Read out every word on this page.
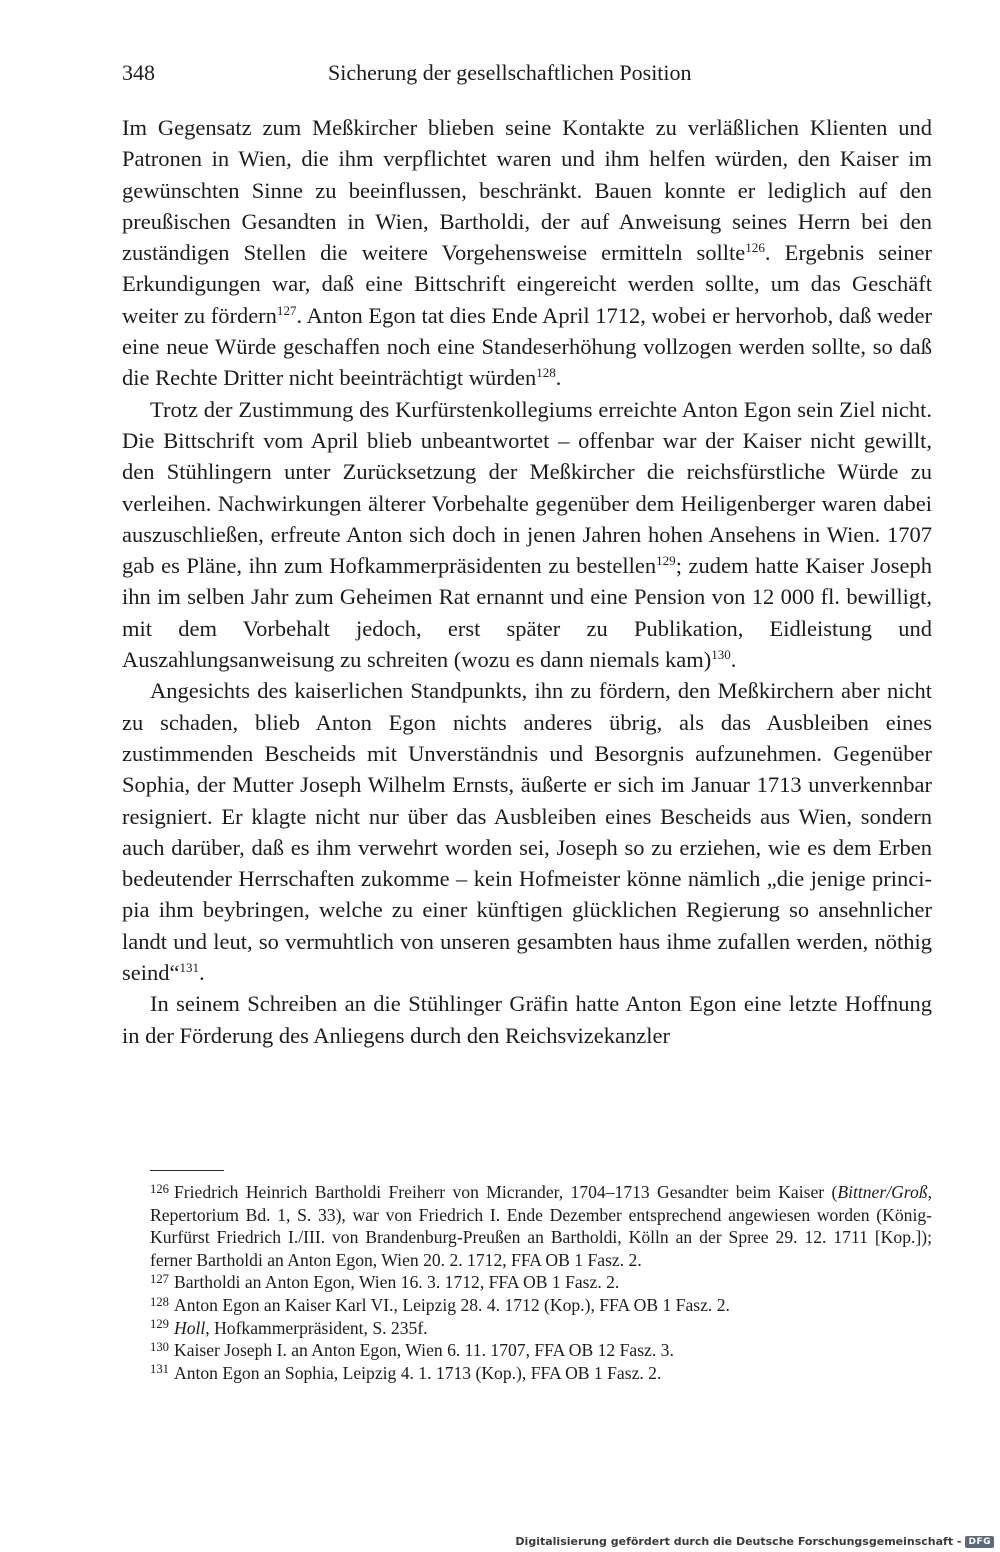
348	Sicherung der gesellschaftlichen Position

Im Gegensatz zum Meßkircher blieben seine Kontakte zu verläßlichen Klienten und Patronen in Wien, die ihm verpflichtet waren und ihm helfen würden, den Kaiser im gewünschten Sinne zu beeinflussen, beschränkt. Bauen konnte er lediglich auf den preußischen Gesandten in Wien, Bartholdi, der auf Anweisung seines Herrn bei den zuständigen Stellen die weitere Vorgehensweise ermitteln sollte$^{126}$. Ergebnis seiner Erkundigungen war, daß eine Bittschrift eingereicht werden sollte, um das Geschäft weiter zu fördern$^{127}$. Anton Egon tat dies Ende April 1712, wobei er hervorhob, daß weder eine neue Würde geschaffen noch eine Standeserhöhung vollzogen werden sollte, so daß die Rechte Dritter nicht beeinträchtigt würden$^{128}$.

Trotz der Zustimmung des Kurfürstenkollegiums erreichte Anton Egon sein Ziel nicht. Die Bittschrift vom April blieb unbeantwortet – offenbar war der Kaiser nicht gewillt, den Stühlingern unter Zurücksetzung der Meßkircher die reichsfürstliche Würde zu verleihen. Nachwirkungen älterer Vorbehalte gegenüber dem Heiligenberger waren dabei auszuschließen, erfreute Anton sich doch in jenen Jahren hohen Ansehens in Wien. 1707 gab es Pläne, ihn zum Hofkammerpräsidenten zu bestellen$^{129}$; zudem hatte Kaiser Joseph ihn im selben Jahr zum Geheimen Rat ernannt und eine Pension von 12 000 fl. bewilligt, mit dem Vorbehalt jedoch, erst später zu Publikation, Eidleistung und Auszahlungsanweisung zu schreiten (wozu es dann niemals kam)$^{130}$.

Angesichts des kaiserlichen Standpunkts, ihn zu fördern, den Meßkirchern aber nicht zu schaden, blieb Anton Egon nichts anderes übrig, als das Ausbleiben eines zustimmenden Bescheids mit Unverständnis und Besorgnis aufzunehmen. Gegenüber Sophia, der Mutter Joseph Wilhelm Ernsts, äußerte er sich im Januar 1713 unverkennbar resigniert. Er klagte nicht nur über das Ausbleiben eines Bescheids aus Wien, sondern auch darüber, daß es ihm verwehrt worden sei, Joseph so zu erziehen, wie es dem Erben bedeutender Herrschaften zukomme – kein Hofmeister könne nämlich „die jenige principia ihm beybringen, welche zu einer künftigen glücklichen Regierung so ansehnlicher landt und leut, so vermuhtlich von unseren gesambten haus ihme zufallen werden, nöthig seind“$^{131}$.

In seinem Schreiben an die Stühlinger Gräfin hatte Anton Egon eine letzte Hoffnung in der Förderung des Anliegens durch den Reichsvizekanzler

$^{126}$ Friedrich Heinrich Bartholdi Freiherr von Micrander, 1704–1713 Gesandter beim Kaiser (Bittner/Groß, Repertorium Bd. 1, S. 33), war von Friedrich I. Ende Dezember entsprechend angewiesen worden (König-Kurfürst Friedrich I./III. von Brandenburg-Preußen an Bartholdi, Kölln an der Spree 29. 12. 1711 [Kop.]); ferner Bartholdi an Anton Egon, Wien 20. 2. 1712, FFA OB 1 Fasz. 2.

$^{127}$ Bartholdi an Anton Egon, Wien 16. 3. 1712, FFA OB 1 Fasz. 2.

$^{128}$ Anton Egon an Kaiser Karl VI., Leipzig 28. 4. 1712 (Kop.), FFA OB 1 Fasz. 2.

$^{129}$ Holl, Hofkammerpräsident, S. 235f.

$^{130}$ Kaiser Joseph I. an Anton Egon, Wien 6. 11. 1707, FFA OB 12 Fasz. 3.

$^{131}$ Anton Egon an Sophia, Leipzig 4. 1. 1713 (Kop.), FFA OB 1 Fasz. 2.

Digitalisierung gefördert durch die Deutsche Forschungsgemeinschaft - DFG
